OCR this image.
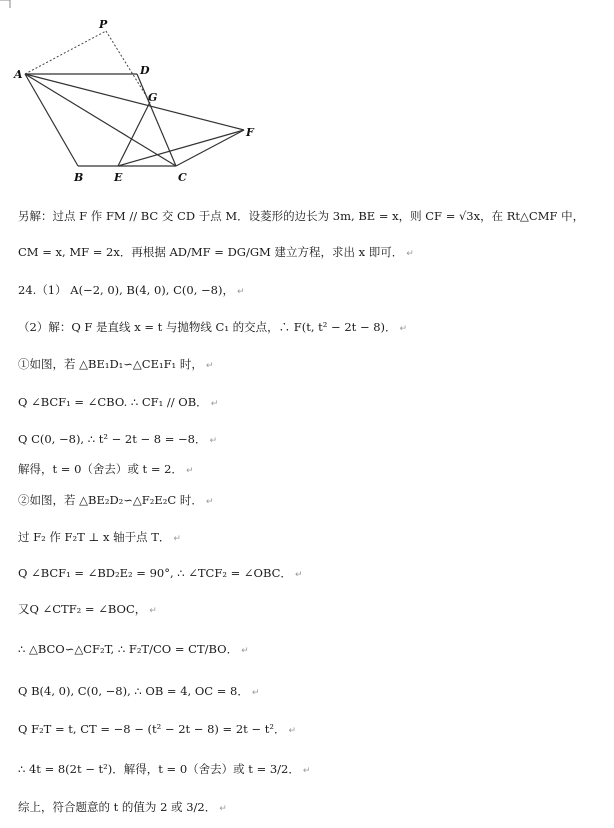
P
A	D
G
F
B	E	C
另解：过点 F 作 FM // BC 交 CD 于点 M．设菱形的边长为 3m, BE = x，则 CF = √3x，在 Rt△CMF 中，
CM = x, MF = 2x．再根据 AD/MF = DG/GM 建立方程，求出 x 即可． ↵
24.（1） A(−2, 0), B(4, 0), C(0, −8)， ↵
（2）解：Q F 是直线 x = t 与抛物线 C₁ 的交点，∴ F(t, t² − 2t − 8)． ↵
①如图，若 △BE₁D₁∽△CE₁F₁ 时， ↵
Q ∠BCF₁ = ∠CBO. ∴ CF₁ // OB． ↵
Q C(0, −8), ∴ t² − 2t − 8 = −8． ↵
解得，t = 0（舍去）或 t = 2． ↵
②如图，若 △BE₂D₂∽△F₂E₂C 时． ↵
过 F₂ 作 F₂T ⊥ x 轴于点 T． ↵
Q ∠BCF₁ = ∠BD₂E₂ = 90°, ∴ ∠TCF₂ = ∠OBC． ↵
又Q ∠CTF₂ = ∠BOC， ↵
∴ △BCO∽△CF₂T, ∴ F₂T/CO = CT/BO． ↵
Q B(4, 0), C(0, −8), ∴ OB = 4, OC = 8． ↵
Q F₂T = t, CT = −8 − (t² − 2t − 8) = 2t − t²． ↵
∴ 4t = 8(2t − t²)．解得，t = 0（舍去）或 t = 3/2． ↵
综上，符合题意的 t 的值为 2 或 3/2． ↵
